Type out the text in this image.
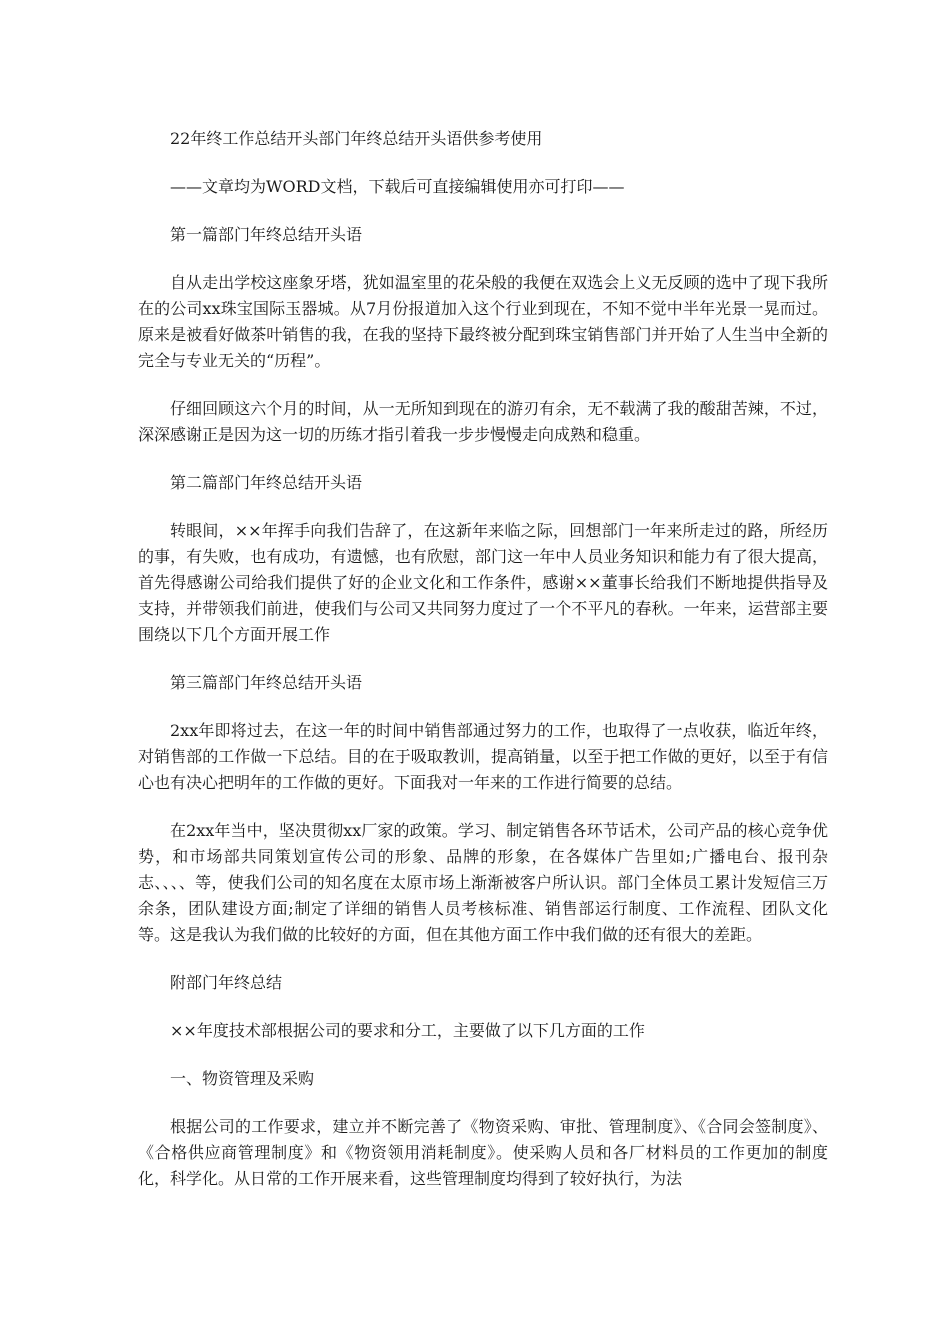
22年终工作总结开头部门年终总结开头语供参考使用

——文章均为WORD文档，下载后可直接编辑使用亦可打印——

第一篇部门年终总结开头语

自从走出学校这座象牙塔，犹如温室里的花朵般的我便在双选会上义无反顾的选中了现下我所在的公司xx珠宝国际玉器城。从7月份报道加入这个行业到现在，不知不觉中半年光景一晃而过。原来是被看好做茶叶销售的我，在我的坚持下最终被分配到珠宝销售部门并开始了人生当中全新的完全与专业无关的“历程”。

仔细回顾这六个月的时间，从一无所知到现在的游刃有余，无不载满了我的酸甜苦辣，不过，深深感谢正是因为这一切的历练才指引着我一步步慢慢走向成熟和稳重。

第二篇部门年终总结开头语

转眼间，××年挥手向我们告辞了，在这新年来临之际，回想部门一年来所走过的路，所经历的事，有失败，也有成功，有遗憾，也有欣慰，部门这一年中人员业务知识和能力有了很大提高，首先得感谢公司给我们提供了好的企业文化和工作条件，感谢××董事长给我们不断地提供指导及支持，并带领我们前进，使我们与公司又共同努力度过了一个不平凡的春秋。一年来，运营部主要围绕以下几个方面开展工作

第三篇部门年终总结开头语

2xx年即将过去，在这一年的时间中销售部通过努力的工作，也取得了一点收获，临近年终，对销售部的工作做一下总结。目的在于吸取教训，提高销量，以至于把工作做的更好，以至于有信心也有决心把明年的工作做的更好。下面我对一年来的工作进行简要的总结。

在2xx年当中，坚决贯彻xx厂家的政策。学习、制定销售各环节话术，公司产品的核心竞争优势，和市场部共同策划宣传公司的形象、品牌的形象，在各媒体广告里如;广播电台、报刊杂志、、、、等，使我们公司的知名度在太原市场上渐渐被客户所认识。部门全体员工累计发短信三万余条，团队建设方面;制定了详细的销售人员考核标准、销售部运行制度、工作流程、团队文化等。这是我认为我们做的比较好的方面，但在其他方面工作中我们做的还有很大的差距。

附部门年终总结

××年度技术部根据公司的要求和分工，主要做了以下几方面的工作

一、物资管理及采购

根据公司的工作要求，建立并不断完善了《物资采购、审批、管理制度》、《合同会签制度》、《合格供应商管理制度》和《物资领用消耗制度》。使采购人员和各厂材料员的工作更加的制度化，科学化。从日常的工作开展来看，这些管理制度均得到了较好执行，为法
